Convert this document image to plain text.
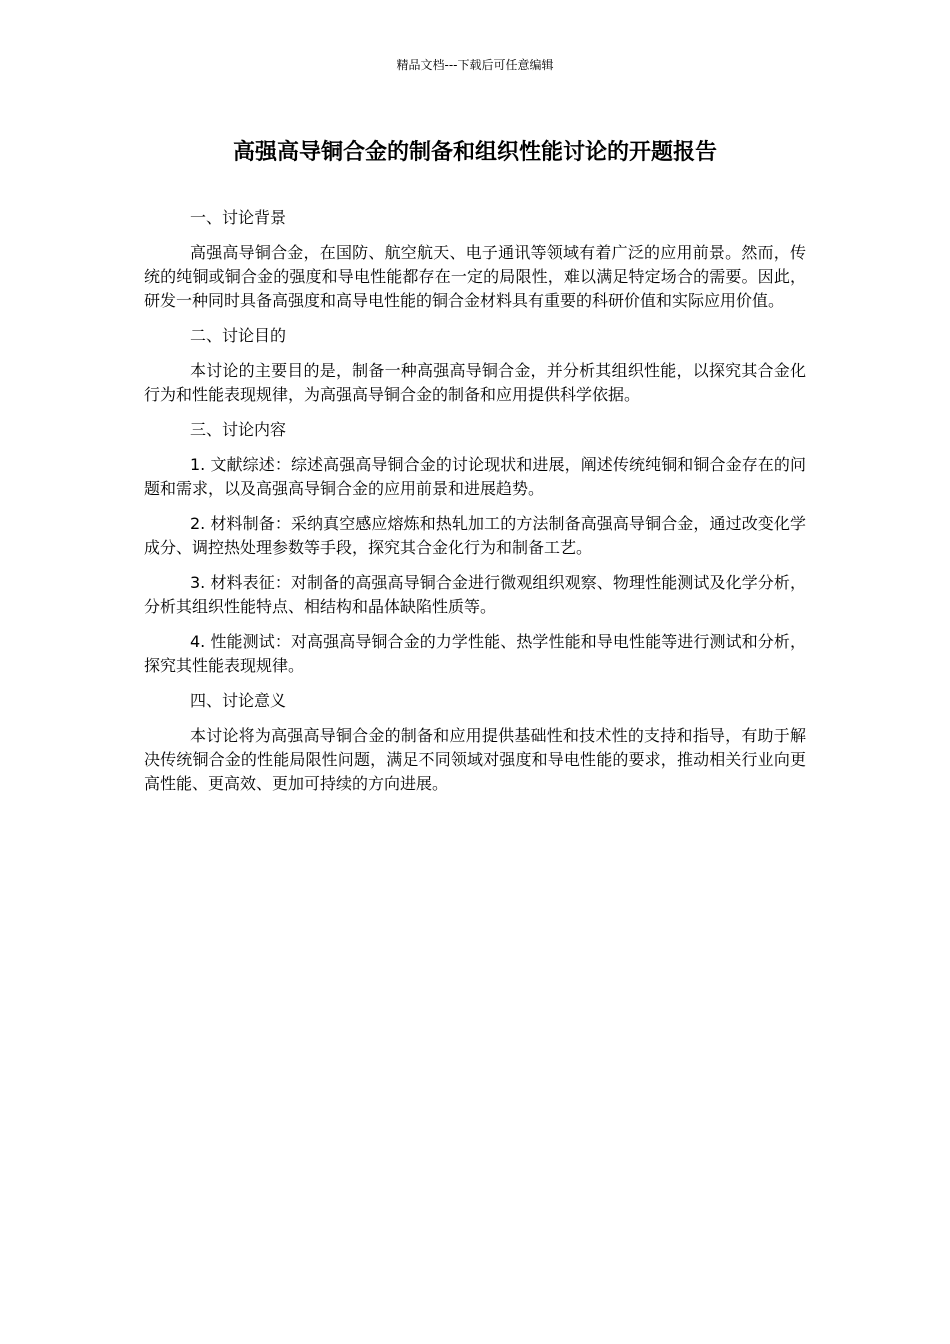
精品文档---下载后可任意编辑
高强高导铜合金的制备和组织性能讨论的开题报告

一、讨论背景

高强高导铜合金，在国防、航空航天、电子通讯等领域有着广泛的应用前景。然而，传统的纯铜或铜合金的强度和导电性能都存在一定的局限性，难以满足特定场合的需要。因此，研发一种同时具备高强度和高导电性能的铜合金材料具有重要的科研价值和实际应用价值。

二、讨论目的

本讨论的主要目的是，制备一种高强高导铜合金，并分析其组织性能，以探究其合金化行为和性能表现规律，为高强高导铜合金的制备和应用提供科学依据。

三、讨论内容

1. 文献综述：综述高强高导铜合金的讨论现状和进展，阐述传统纯铜和铜合金存在的问题和需求，以及高强高导铜合金的应用前景和进展趋势。

2. 材料制备：采纳真空感应熔炼和热轧加工的方法制备高强高导铜合金，通过改变化学成分、调控热处理参数等手段，探究其合金化行为和制备工艺。

3. 材料表征：对制备的高强高导铜合金进行微观组织观察、物理性能测试及化学分析，分析其组织性能特点、相结构和晶体缺陷性质等。

4. 性能测试：对高强高导铜合金的力学性能、热学性能和导电性能等进行测试和分析，探究其性能表现规律。

四、讨论意义

本讨论将为高强高导铜合金的制备和应用提供基础性和技术性的支持和指导，有助于解决传统铜合金的性能局限性问题，满足不同领域对强度和导电性能的要求，推动相关行业向更高性能、更高效、更加可持续的方向进展。
